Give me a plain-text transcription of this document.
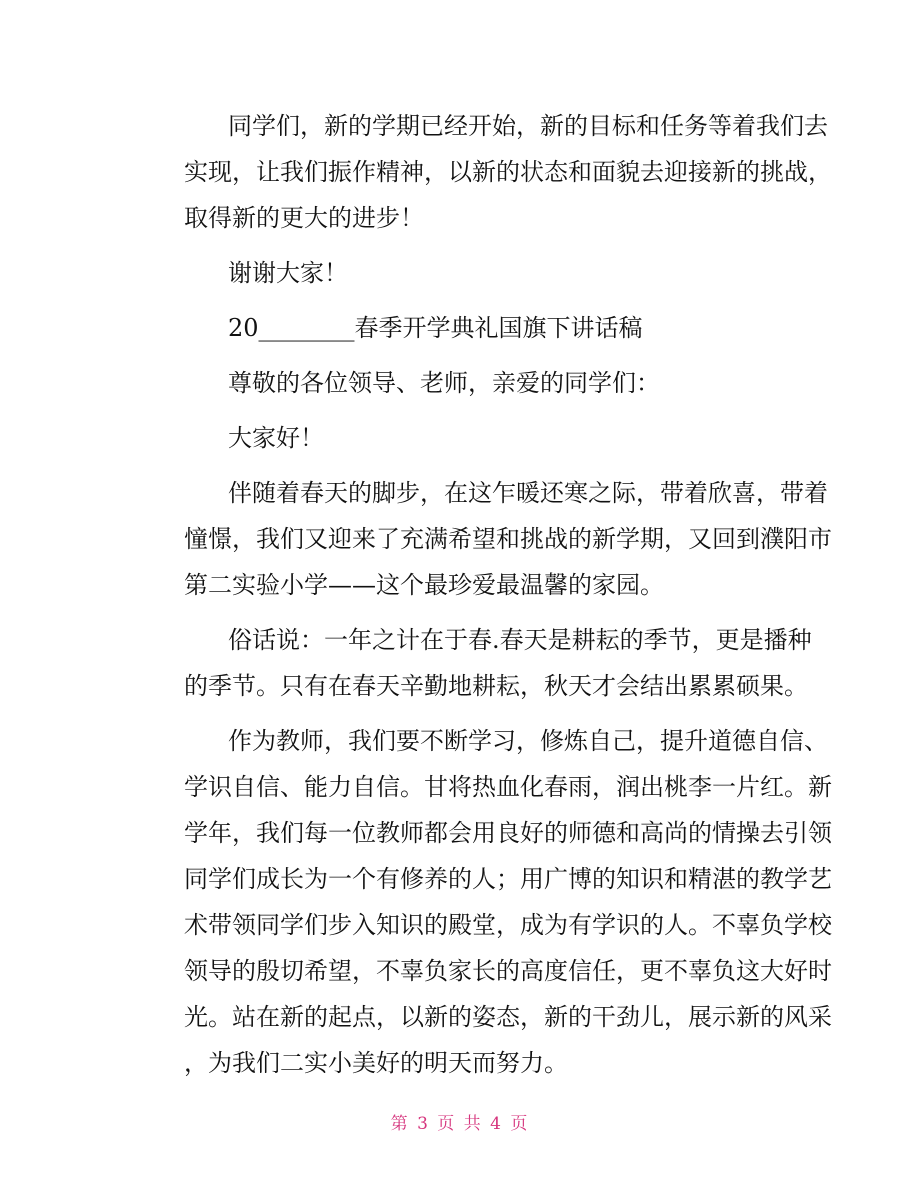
同学们，新的学期已经开始，新的目标和任务等着我们去
实现，让我们振作精神，以新的状态和面貌去迎接新的挑战，
取得新的更大的进步！
谢谢大家！
20________春季开学典礼国旗下讲话稿
尊敬的各位领导、老师，亲爱的同学们：
大家好！
伴随着春天的脚步，在这乍暖还寒之际，带着欣喜，带着
憧憬，我们又迎来了充满希望和挑战的新学期，又回到濮阳市
第二实验小学——这个最珍爱最温馨的家园。
俗话说：一年之计在于春.春天是耕耘的季节，更是播种
的季节。只有在春天辛勤地耕耘，秋天才会结出累累硕果。
作为教师，我们要不断学习，修炼自己，提升道德自信、
学识自信、能力自信。甘将热血化春雨，润出桃李一片红。新
学年，我们每一位教师都会用良好的师德和高尚的情操去引领
同学们成长为一个有修养的人；用广博的知识和精湛的教学艺
术带领同学们步入知识的殿堂，成为有学识的人。不辜负学校
领导的殷切希望，不辜负家长的高度信任，更不辜负这大好时
光。站在新的起点，以新的姿态，新的干劲儿，展示新的风采
，为我们二实小美好的明天而努力。
第 3 页 共 4 页
